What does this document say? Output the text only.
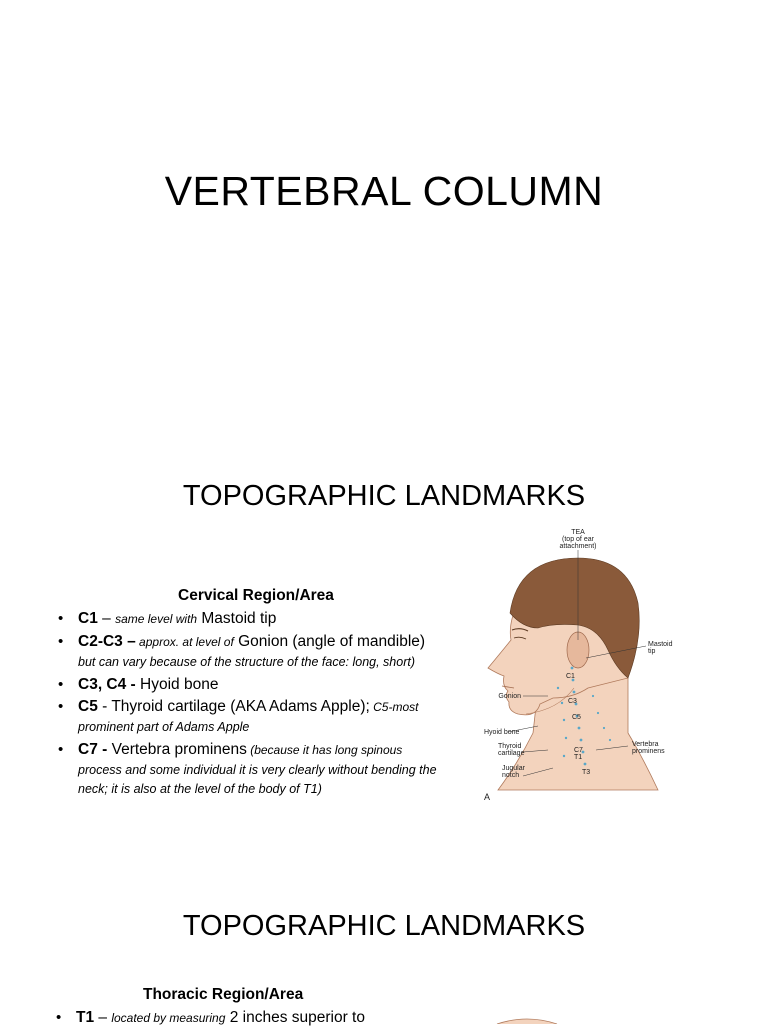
VERTEBRAL COLUMN
TOPOGRAPHIC LANDMARKS
Cervical Region/Area
• C1 – same level with Mastoid tip
• C2-C3 – approx. at level of Gonion (angle of mandible)
but can vary because of the structure of the face: long, short)
• C3, C4 - Hyoid bone
• C5 - Thyroid cartilage (AKA Adams Apple); C5-most
prominent part of Adams Apple
• C7 - Vertebra prominens (because it has long spinous
process and some individual it is very clearly without bending the
neck; it is also at the level of the body of T1)
TEA
(top of ear
attachment)
Mastoid
tip
C1
Gonion
C3
C5
Hyoid bone
Thyroid
cartilage	C7
T1
Vertebra
prominens
Jugular
notch	T3
A
TOPOGRAPHIC LANDMARKS
Thoracic Region/Area
• T1 – located by measuring 2 inches superior to
